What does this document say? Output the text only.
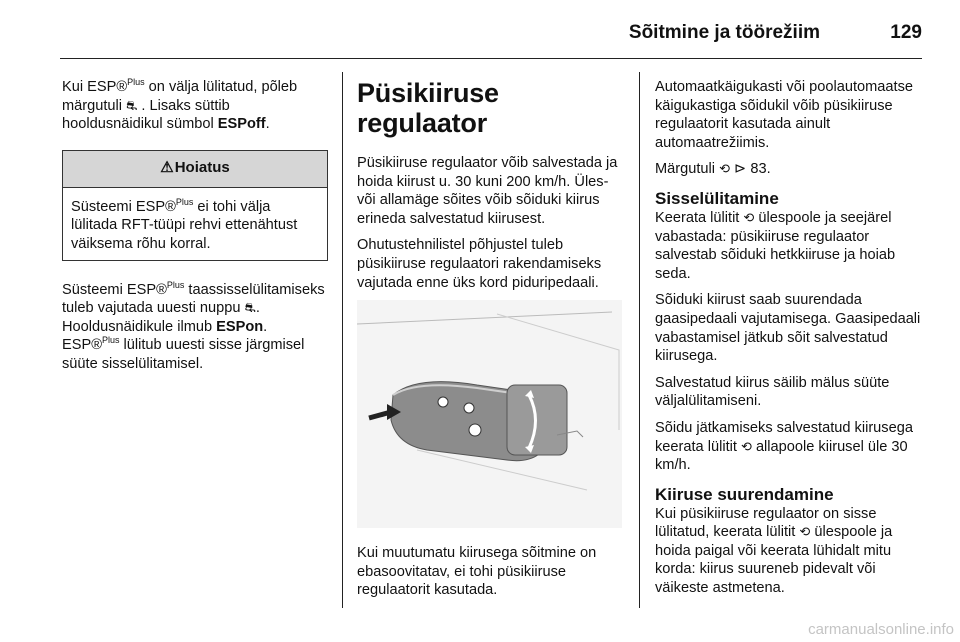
Sõitmine ja töörežiim	129

Kui ESP®$^{Plus}$ on välja lülitatud, põleb märgutuli ⛐ . Lisaks süttib hooldusnäidikul sümbol ESPoff.

⚠ Hoiatus
Süsteemi ESP®$^{Plus}$ ei tohi välja lülitada RFT-tüüpi rehvi ettenähtust väiksema rõhu korral.

Süsteemi ESP®$^{Plus}$ taassisselülitamiseks tuleb vajutada uuesti nuppu ⛐. Hooldusnäidikule ilmub ESPon. ESP®$^{Plus}$ lülitub uuesti sisse järgmisel süüte sisselülitamisel.

Püsikiiruse regulaator

Püsikiiruse regulaator võib salvestada ja hoida kiirust u. 30 kuni 200 km/h. Üles- või allamäge sõites võib sõiduki kiirus erineda salvestatud kiirusest.

Ohutustehnilistel põhjustel tuleb püsikiiruse regulaatori rakendamiseks vajutada enne üks kord piduripedaali.

Kui muutumatu kiirusega sõitmine on ebasoovitatav, ei tohi püsikiiruse regulaatorit kasutada.

Automaatkäigukasti või poolautomaatse käigukastiga sõidukil võib püsikiiruse regulaatorit kasutada ainult automaatrežiimis.

Märgutuli ⟲ ⊳ 83.

Sisselülitamine

Keerata lülitit ⟲ ülespoole ja seejärel vabastada: püsikiiruse regulaator salvestab sõiduki hetkkiiruse ja hoiab seda.

Sõiduki kiirust saab suurendada gaasipedaali vajutamisega. Gaasipedaali vabastamisel jätkub sõit salvestatud kiirusega.

Salvestatud kiirus säilib mälus süüte väljalülitamiseni.

Sõidu jätkamiseks salvestatud kiirusega keerata lülitit ⟲ allapoole kiirusel üle 30 km/h.

Kiiruse suurendamine

Kui püsikiiruse regulaator on sisse lülitatud, keerata lülitit ⟲ ülespoole ja hoida paigal või keerata lühidalt mitu korda: kiirus suureneb pidevalt või väikeste astmetena.

carmanualsonline.info
